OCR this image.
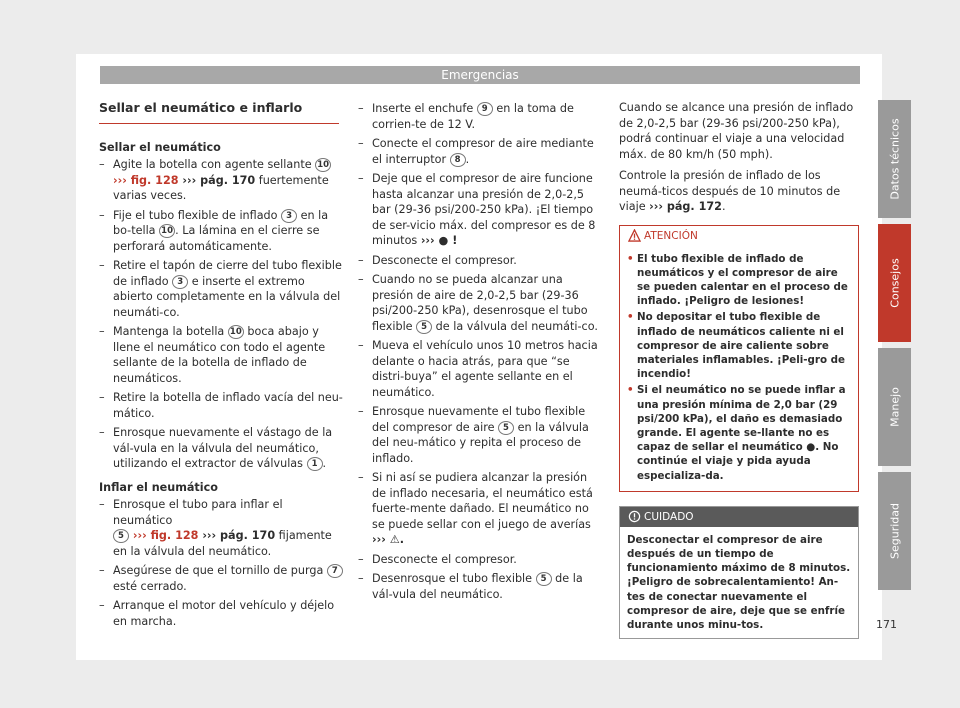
Emergencias
Sellar el neumático e inflarlo
Sellar el neumático
– Agite la botella con agente sellante 10
››› fig. 128 ››› pág. 170 fuertemente varias veces.
– Fije el tubo flexible de inflado 3 en la bo-tella 10 . La lámina en el cierre se perforará automáticamente.
– Retire el tapón de cierre del tubo flexible de inflado 3 e inserte el extremo abierto completamente en la válvula del neumáti-co.
– Mantenga la botella 10 boca abajo y llene el neumático con todo el agente sellante de la botella de inflado de neumáticos.
– Retire la botella de inflado vacía del neu-mático.
– Enrosque nuevamente el vástago de la vál-vula en la válvula del neumático, utilizando el extractor de válvulas 1 .
Inflar el neumático
– Enrosque el tubo para inflar el neumático
5 ››› fig. 128 ››› pág. 170 fijamente en la válvula del neumático.
– Asegúrese de que el tornillo de purga 7 esté cerrado.
– Arranque el motor del vehículo y déjelo en marcha.
– Inserte el enchufe 9 en la toma de corrien-te de 12 V.
– Conecte el compresor de aire mediante el interruptor 8 .
– Deje que el compresor de aire funcione hasta alcanzar una presión de 2,0-2,5 bar (29-36 psi/200-250 kPa). ¡El tiempo de ser-vicio máx. del compresor es de 8 minutos ››› ● !
– Desconecte el compresor.
– Cuando no se pueda alcanzar una presión de aire de 2,0-2,5 bar (29-36 psi/200-250 kPa), desenrosque el tubo flexible 5 de la válvula del neumáti-co.
– Mueva el vehículo unos 10 metros hacia delante o hacia atrás, para que “se distri-buya” el agente sellante en el neumático.
– Enrosque nuevamente el tubo flexible del compresor de aire 5 en la válvula del neu-mático y repita el proceso de inflado.
– Si ni así se pudiera alcanzar la presión de inflado necesaria, el neumático está fuerte-mente dañado. El neumático no se puede sellar con el juego de averías ››› ⚠.
– Desconecte el compresor.
– Desenrosque el tubo flexible 5 de la vál-vula del neumático.
Cuando se alcance una presión de inflado de 2,0-2,5 bar (29-36 psi/200-250 kPa), podrá continuar el viaje a una velocidad máx. de 80 km/h (50 mph).
Controle la presión de inflado de los neumá-ticos después de 10 minutos de viaje ››› pág. 172.
ATENCIÓN
• El tubo flexible de inflado de neumáticos y el compresor de aire se pueden calentar en el proceso de inflado. ¡Peligro de lesiones!
• No depositar el tubo flexible de inflado de neumáticos caliente ni el compresor de aire caliente sobre materiales inflamables. ¡Peli-gro de incendio!
• Si el neumático no se puede inflar a una presión mínima de 2,0 bar (29 psi/200 kPa), el daño es demasiado grande. El agente se-llante no es capaz de sellar el neumático ●. No continúe el viaje y pida ayuda especializa-da.
CUIDADO
Desconectar el compresor de aire después de un tiempo de funcionamiento máximo de 8 minutos. ¡Peligro de sobrecalentamiento! An-tes de conectar nuevamente el compresor de aire, deje que se enfríe durante unos minu-tos.
Datos técnicos
Consejos
Manejo
Seguridad
171
